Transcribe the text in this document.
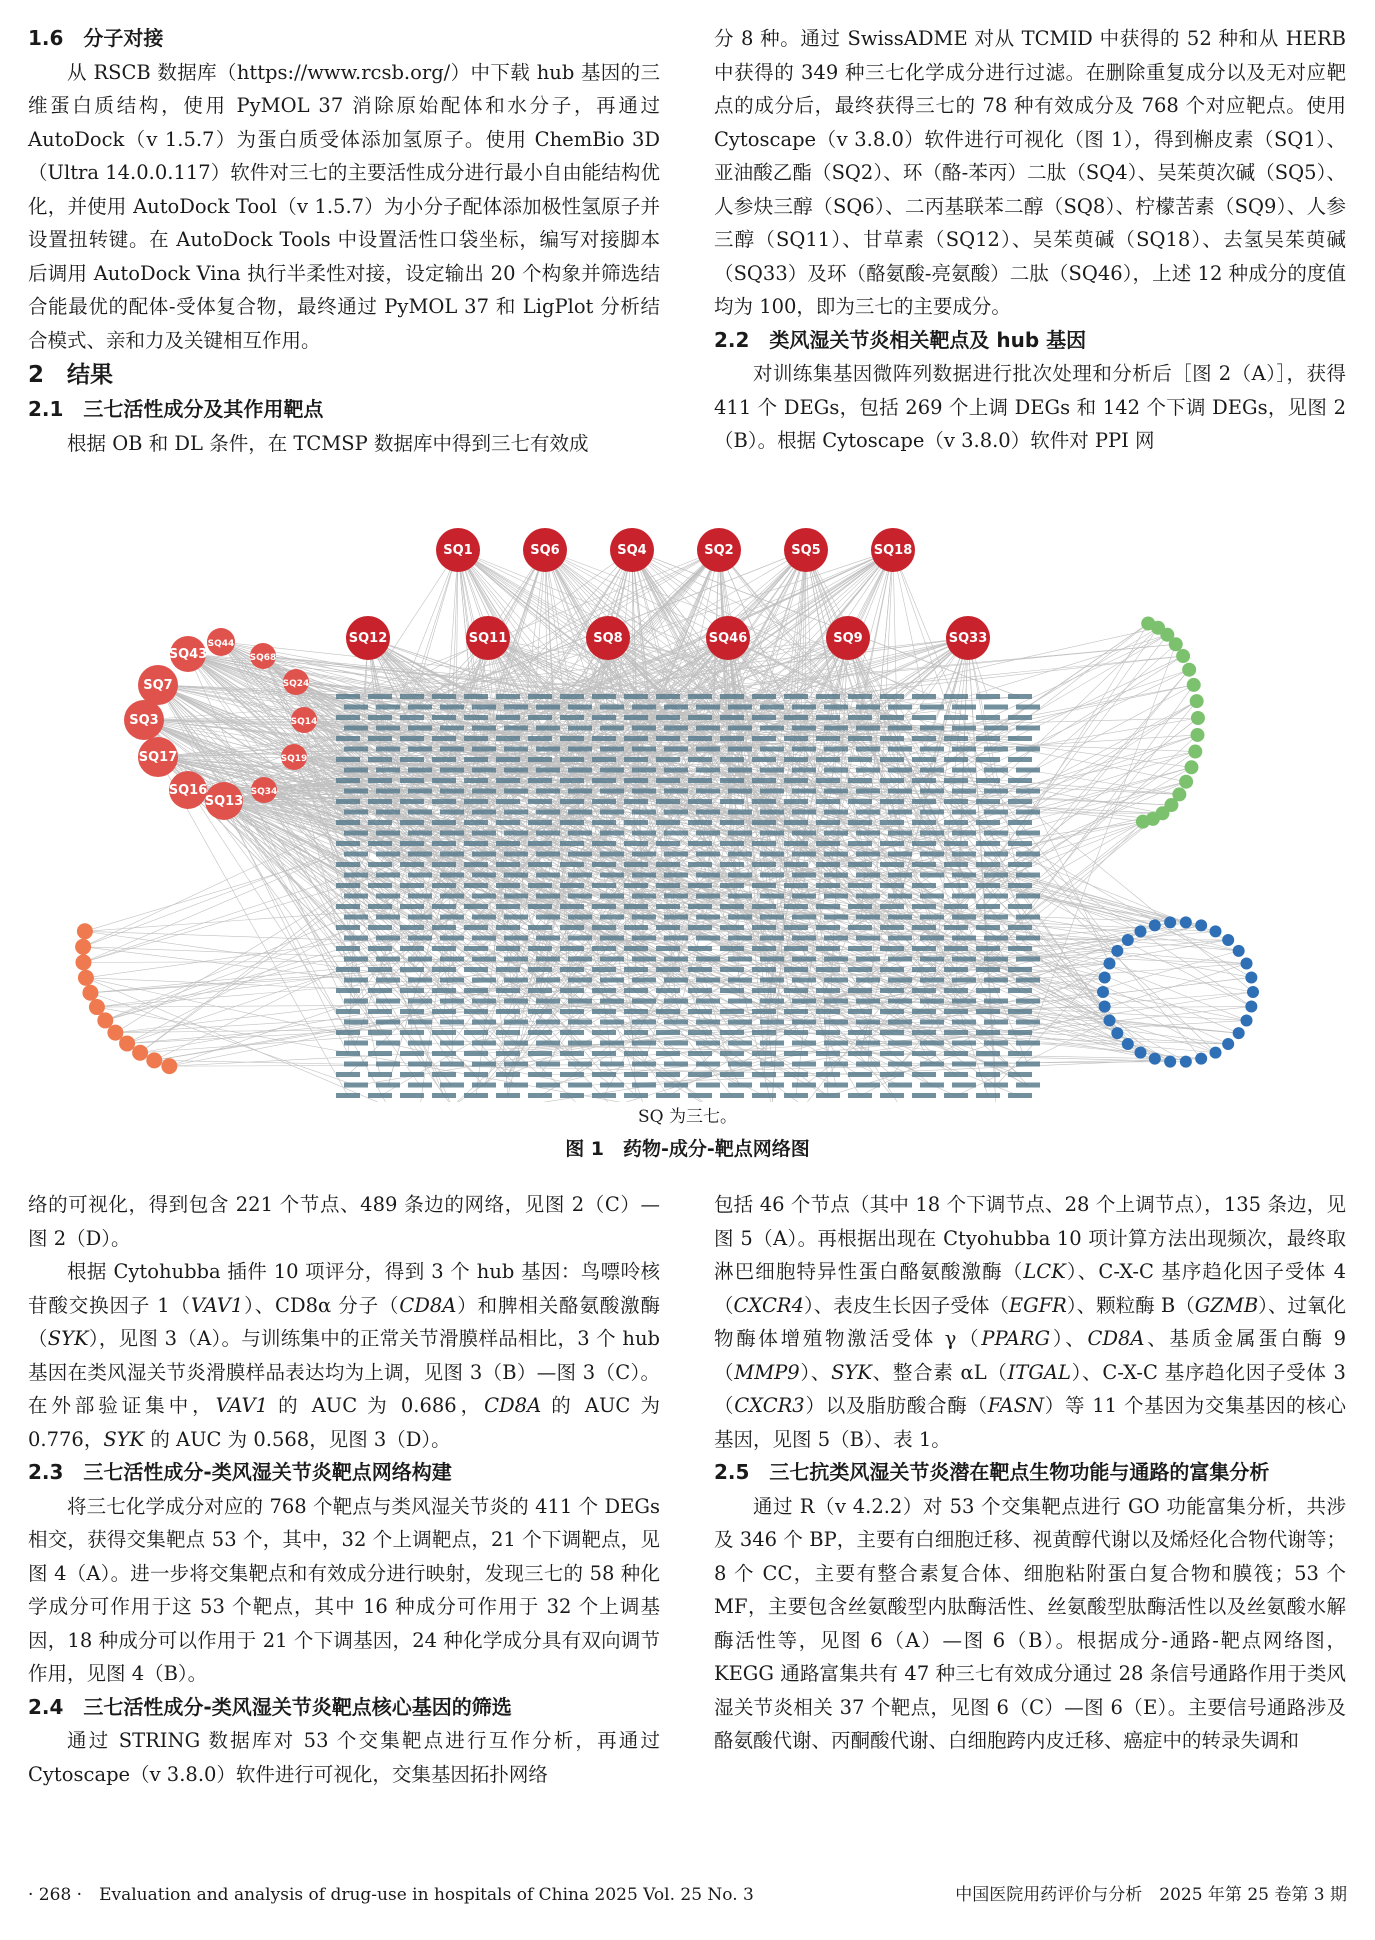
1.6　分子对接

从 RSCB 数据库（https://www.rcsb.org/）中下载 hub 基因的三维蛋白质结构，使用 PyMOL 37 消除原始配体和水分子，再通过 AutoDock（v 1.5.7）为蛋白质受体添加氢原子。使用 ChemBio 3D（Ultra 14.0.0.117）软件对三七的主要活性成分进行最小自由能结构优化，并使用 AutoDock Tool（v 1.5.7）为小分子配体添加极性氢原子并设置扭转键。在 AutoDock Tools 中设置活性口袋坐标，编写对接脚本后调用 AutoDock Vina 执行半柔性对接，设定输出 20 个构象并筛选结合能最优的配体-受体复合物，最终通过 PyMOL 37 和 LigPlot 分析结合模式、亲和力及关键相互作用。

2　结果

2.1　三七活性成分及其作用靶点

根据 OB 和 DL 条件，在 TCMSP 数据库中得到三七有效成

分 8 种。通过 SwissADME 对从 TCMID 中获得的 52 种和从 HERB 中获得的 349 种三七化学成分进行过滤。在删除重复成分以及无对应靶点的成分后，最终获得三七的 78 种有效成分及 768 个对应靶点。使用 Cytoscape（v 3.8.0）软件进行可视化（图 1），得到槲皮素（SQ1）、亚油酸乙酯（SQ2）、环（酪-苯丙）二肽（SQ4）、吴茱萸次碱（SQ5）、人参炔三醇（SQ6）、二丙基联苯二醇（SQ8）、柠檬苦素（SQ9）、人参三醇（SQ11）、甘草素（SQ12）、吴茱萸碱（SQ18）、去氢吴茱萸碱（SQ33）及环（酪氨酸-亮氨酸）二肽（SQ46），上述 12 种成分的度值均为 100，即为三七的主要成分。

2.2　类风湿关节炎相关靶点及 hub 基因

对训练集基因微阵列数据进行批次处理和分析后［图 2（A）］，获得 411 个 DEGs，包括 269 个上调 DEGs 和 142 个下调 DEGs，见图 2（B）。根据 Cytoscape（v 3.8.0）软件对 PPI 网

SQ1	SQ6	SQ4	SQ2	SQ5	SQ18
SQ12	SQ11	SQ8	SQ46	SQ9	SQ33
SQ44
SQ43	SQ68
SQ7	SQ24
SQ3	SQ14
SQ17	SQ19
SQ16	SQ34
SQ13
SQ 为三七。
图 1　药物-成分-靶点网络图

络的可视化，得到包含 221 个节点、489 条边的网络，见图 2（C）—图 2（D）。

根据 Cytohubba 插件 10 项评分，得到 3 个 hub 基因：鸟嘌呤核苷酸交换因子 1（VAV1）、CD8α 分子（CD8A）和脾相关酪氨酸激酶（SYK），见图 3（A）。与训练集中的正常关节滑膜样品相比，3 个 hub 基因在类风湿关节炎滑膜样品表达均为上调，见图 3（B）—图 3（C）。在外部验证集中，VAV1 的 AUC 为 0.686，CD8A 的 AUC 为 0.776，SYK 的 AUC 为 0.568，见图 3（D）。

2.3　三七活性成分-类风湿关节炎靶点网络构建

将三七化学成分对应的 768 个靶点与类风湿关节炎的 411 个 DEGs 相交，获得交集靶点 53 个，其中，32 个上调靶点，21 个下调靶点，见图 4（A）。进一步将交集靶点和有效成分进行映射，发现三七的 58 种化学成分可作用于这 53 个靶点，其中 16 种成分可作用于 32 个上调基因，18 种成分可以作用于 21 个下调基因，24 种化学成分具有双向调节作用，见图 4（B）。

2.4　三七活性成分-类风湿关节炎靶点核心基因的筛选

通过 STRING 数据库对 53 个交集靶点进行互作分析，再通过 Cytoscape（v 3.8.0）软件进行可视化，交集基因拓扑网络

包括 46 个节点（其中 18 个下调节点、28 个上调节点），135 条边，见图 5（A）。再根据出现在 Ctyohubba 10 项计算方法出现频次，最终取淋巴细胞特异性蛋白酪氨酸激酶（LCK）、C-X-C 基序趋化因子受体 4（CXCR4）、表皮生长因子受体（EGFR）、颗粒酶 B（GZMB）、过氧化物酶体增殖物激活受体 γ（PPARG）、CD8A、基质金属蛋白酶 9（MMP9）、SYK、整合素 αL（ITGAL）、C-X-C 基序趋化因子受体 3（CXCR3）以及脂肪酸合酶（FASN）等 11 个基因为交集基因的核心基因，见图 5（B）、表 1。

2.5　三七抗类风湿关节炎潜在靶点生物功能与通路的富集分析

通过 R（v 4.2.2）对 53 个交集靶点进行 GO 功能富集分析，共涉及 346 个 BP，主要有白细胞迁移、视黄醇代谢以及烯烃化合物代谢等；8 个 CC，主要有整合素复合体、细胞粘附蛋白复合物和膜筏；53 个 MF，主要包含丝氨酸型内肽酶活性、丝氨酸型肽酶活性以及丝氨酸水解酶活性等，见图 6（A）—图 6（B）。根据成分-通路-靶点网络图，KEGG 通路富集共有 47 种三七有效成分通过 28 条信号通路作用于类风湿关节炎相关 37 个靶点，见图 6（C）—图 6（E）。主要信号通路涉及酪氨酸代谢、丙酮酸代谢、白细胞跨内皮迁移、癌症中的转录失调和

· 268 ·　Evaluation and analysis of drug-use in hospitals of China 2025 Vol. 25 No. 3	中国医院用药评价与分析　2025 年第 25 卷第 3 期
